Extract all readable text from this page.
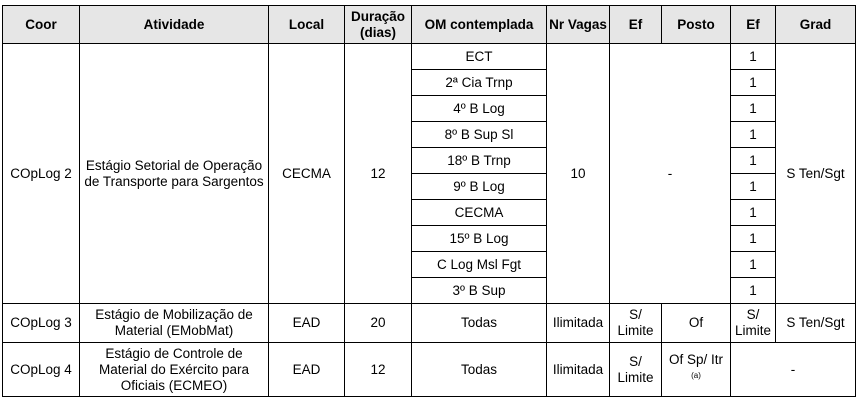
Coor	Atividade	Local	Duração (dias)	OM contemplada	Nr Vagas	Ef	Posto	Ef	Grad
COpLog 2	Estágio Setorial de Operação de Transporte para Sargentos	CECMA	12	ECT	10	-		1	S Ten/Sgt
				2ª Cia Trnp				1	
				4º B Log				1	
				8º B Sup Sl				1	
				18º B Trnp				1	
				9º B Log				1	
				CECMA				1	
				15º B Log				1	
				C Log Msl Fgt				1	
				3º B Sup				1	
COpLog 3	Estágio de Mobilização de Material (EMobMat)	EAD	20	Todas	Ilimitada	S/ Limite	Of	S/ Limite	S Ten/Sgt
COpLog 4	Estágio de Controle de Material do Exército para Oficiais (ECMEO)	EAD	12	Todas	Ilimitada	S/ Limite	Of Sp/ Itr $^{(a)}$	-	
